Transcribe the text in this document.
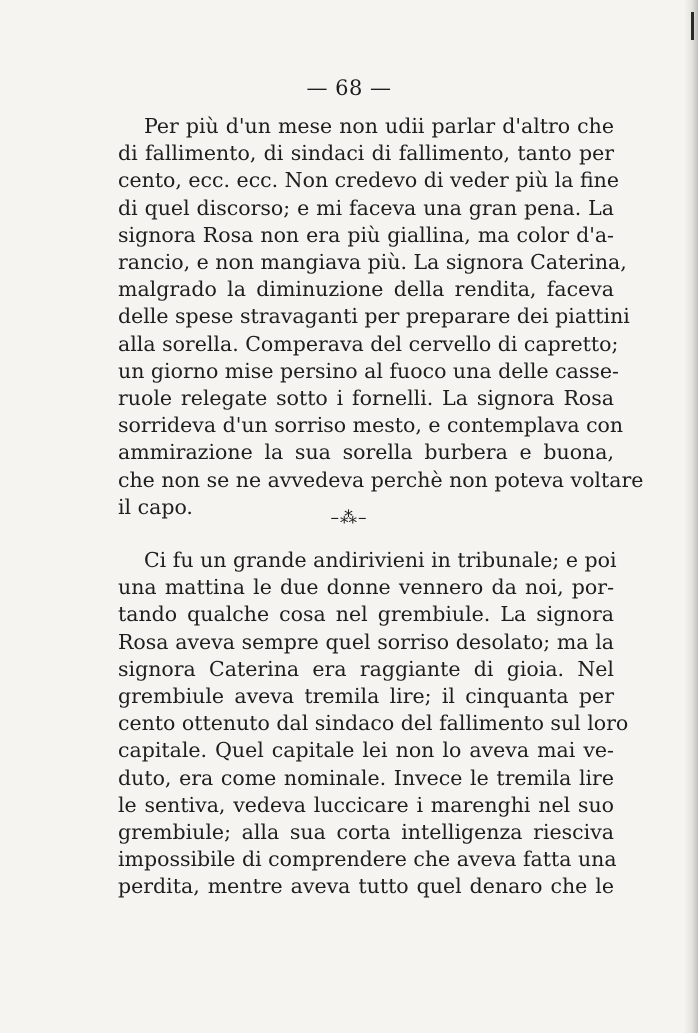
— 68 —

Per più d'un mese non udii parlar d'altro che
di fallimento, di sindaci di fallimento, tanto per
cento, ecc. ecc. Non credevo di veder più la fine
di quel discorso; e mi faceva una gran pena. La
signora Rosa non era più giallina, ma color d'a-
rancio, e non mangiava più. La signora Caterina,
malgrado la diminuzione della rendita, faceva
delle spese stravaganti per preparare dei piattini
alla sorella. Comperava del cervello di capretto;
un giorno mise persino al fuoco una delle casse-
ruole relegate sotto i fornelli. La signora Rosa
sorrideva d'un sorriso mesto, e contemplava con
ammirazione la sua sorella burbera e buona,
che non se ne avvedeva perchè non poteva voltare
il capo.	–⁂–

Ci fu un grande andirivieni in tribunale; e poi
una mattina le due donne vennero da noi, por-
tando qualche cosa nel grembiule. La signora
Rosa aveva sempre quel sorriso desolato; ma la
signora Caterina era raggiante di gioia. Nel
grembiule aveva tremila lire; il cinquanta per
cento ottenuto dal sindaco del fallimento sul loro
capitale. Quel capitale lei non lo aveva mai ve-
duto, era come nominale. Invece le tremila lire
le sentiva, vedeva luccicare i marenghi nel suo
grembiule; alla sua corta intelligenza riesciva
impossibile di comprendere che aveva fatta una
perdita, mentre aveva tutto quel denaro che le
